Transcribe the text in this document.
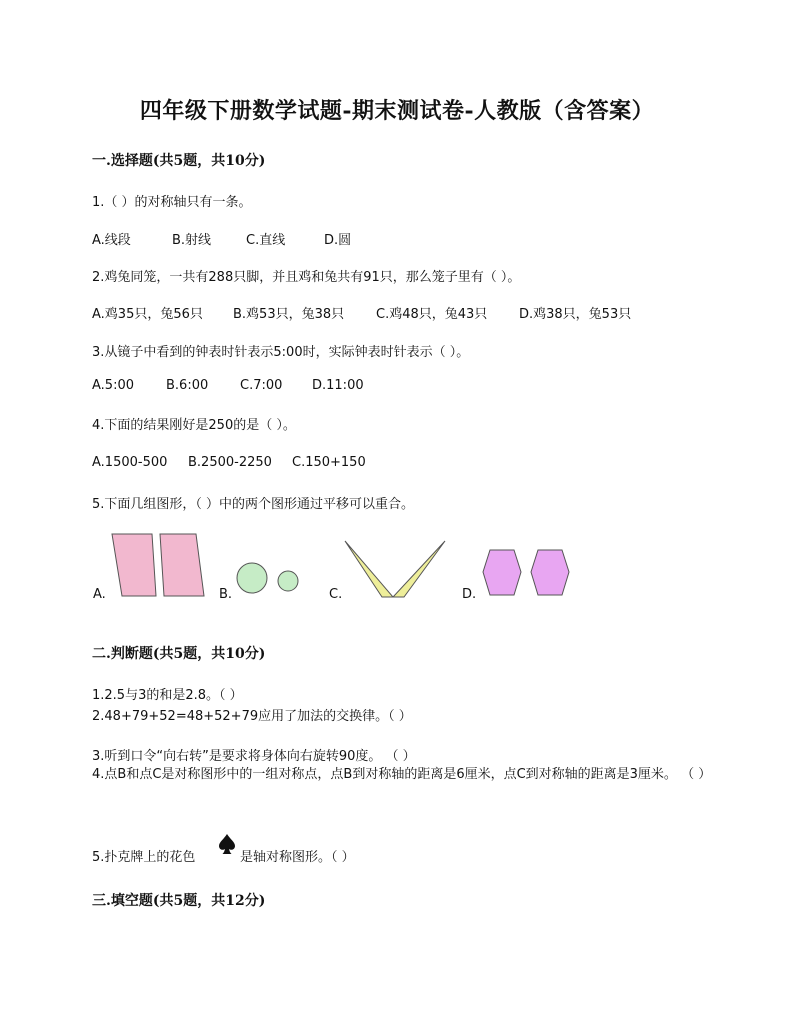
四年级下册数学试题-期末测试卷-人教版（含答案）
一.选择题(共5题，共10分)
1.（ ）的对称轴只有一条。
A.线段	B.射线	C.直线	D.圆
2.鸡兔同笼，一共有288只脚，并且鸡和兔共有91只，那么笼子里有（ ）。
A.鸡35只，兔56只 B.鸡53只，兔38只 C.鸡48只，兔43只 D.鸡38只，兔53只
3.从镜子中看到的钟表时针表示5:00时，实际钟表时针表示（ ）。
A.5:00 B.6:00 C.7:00 D.11:00
4.下面的结果刚好是250的是（ ）。
A.1500-500 B.2500-2250 C.150+150
5.下面几组图形，（ ）中的两个图形通过平移可以重合。
A.	B.	C.	D.
二.判断题(共5题，共10分)
1.2.5与3的和是2.8。（ ）
2.48+79+52=48+52+79应用了加法的交换律。（ ）
3.听到口令“向右转”是要求将身体向右旋转90度。 （ ）
4.点B和点C是对称图形中的一组对称点，点B到对称轴的距离是6厘米，点C到对称轴的距离是3厘米。 （ ）
5.扑克牌上的花色	是轴对称图形。（ ）
三.填空题(共5题，共12分)
